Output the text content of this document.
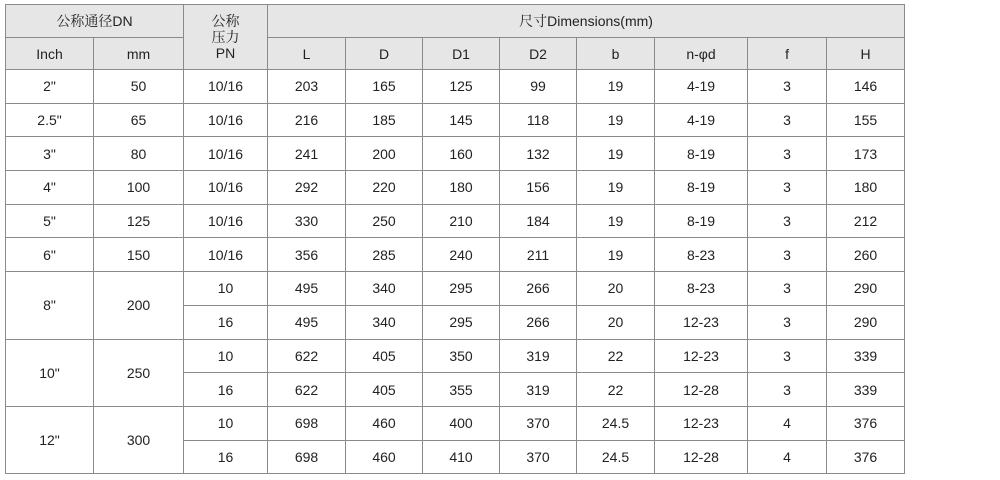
公称通径DN		公称
压力
PN	尺寸Dimensions(mm)							
Inch	mm		L	D	D1	D2	b	n-φd	f	H
2"	50	10/16	203	165	125	99	19	4-19	3	146
2.5"	65	10/16	216	185	145	118	19	4-19	3	155
3"	80	10/16	241	200	160	132	19	8-19	3	173
4"	100	10/16	292	220	180	156	19	8-19	3	180
5"	125	10/16	330	250	210	184	19	8-19	3	212
6"	150	10/16	356	285	240	211	19	8-23	3	260
8"	200	10	495	340	295	266	20	8-23	3	290
		16	495	340	295	266	20	12-23	3	290
10"	250	10	622	405	350	319	22	12-23	3	339
		16	622	405	355	319	22	12-28	3	339
12"	300	10	698	460	400	370	24.5	12-23	4	376
		16	698	460	410	370	24.5	12-28	4	376
